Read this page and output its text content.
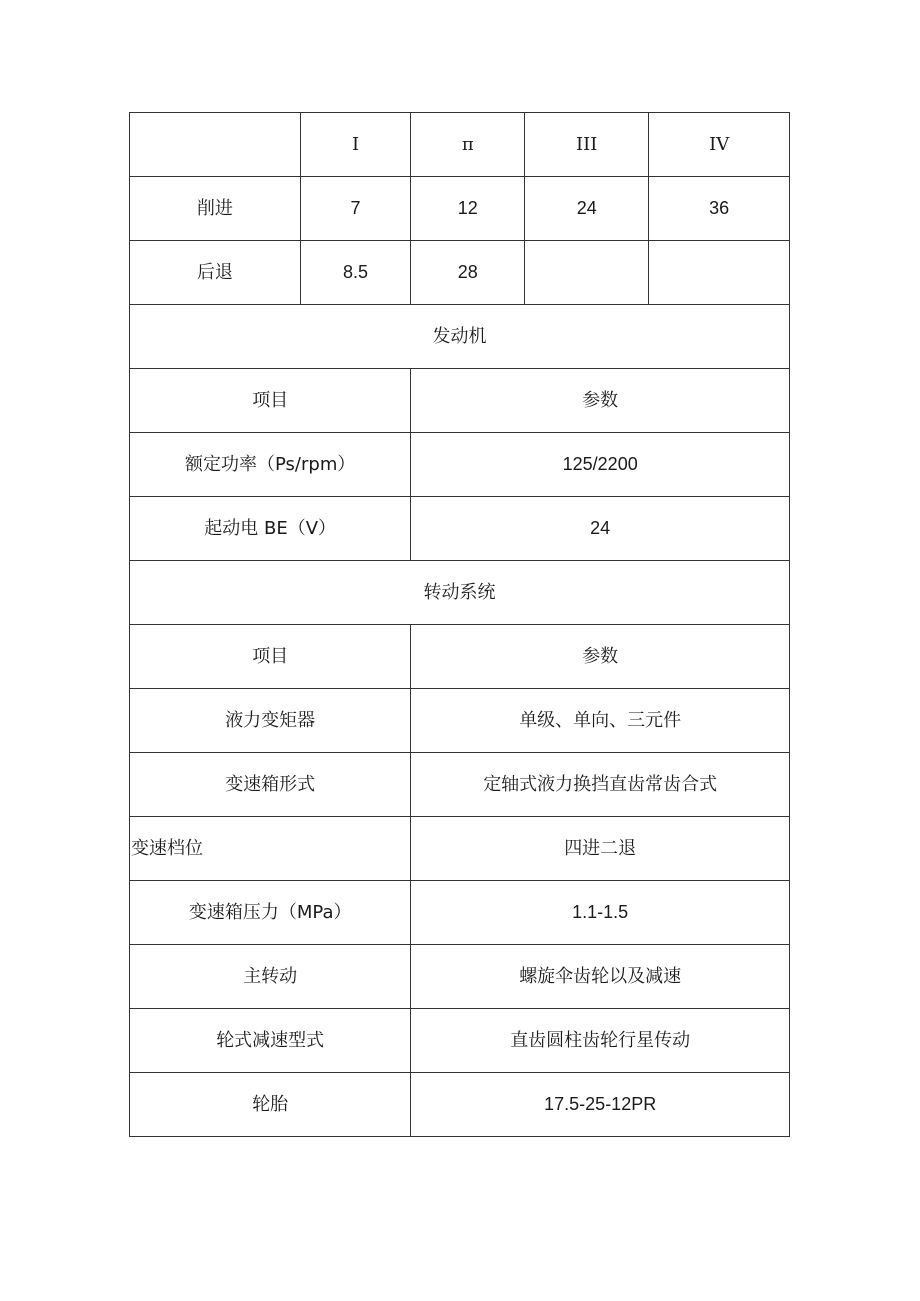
	I	π	III	IV
削进	7	12	24	36
后退	8.5	28		
发动机				
项目		参数		
额定功率（Ps/rpm）		125/2200		
起动电 BE（V）		24		
转动系统				
项目		参数		
液力变矩器		单级、单向、三元件		
变速箱形式		定轴式液力换挡直齿常齿合式		
变速档位		四进二退		
变速箱压力（MPa）		1.1-1.5		
主转动		螺旋伞齿轮以及减速		
轮式减速型式		直齿圆柱齿轮行星传动		
轮胎		17.5-25-12PR		
